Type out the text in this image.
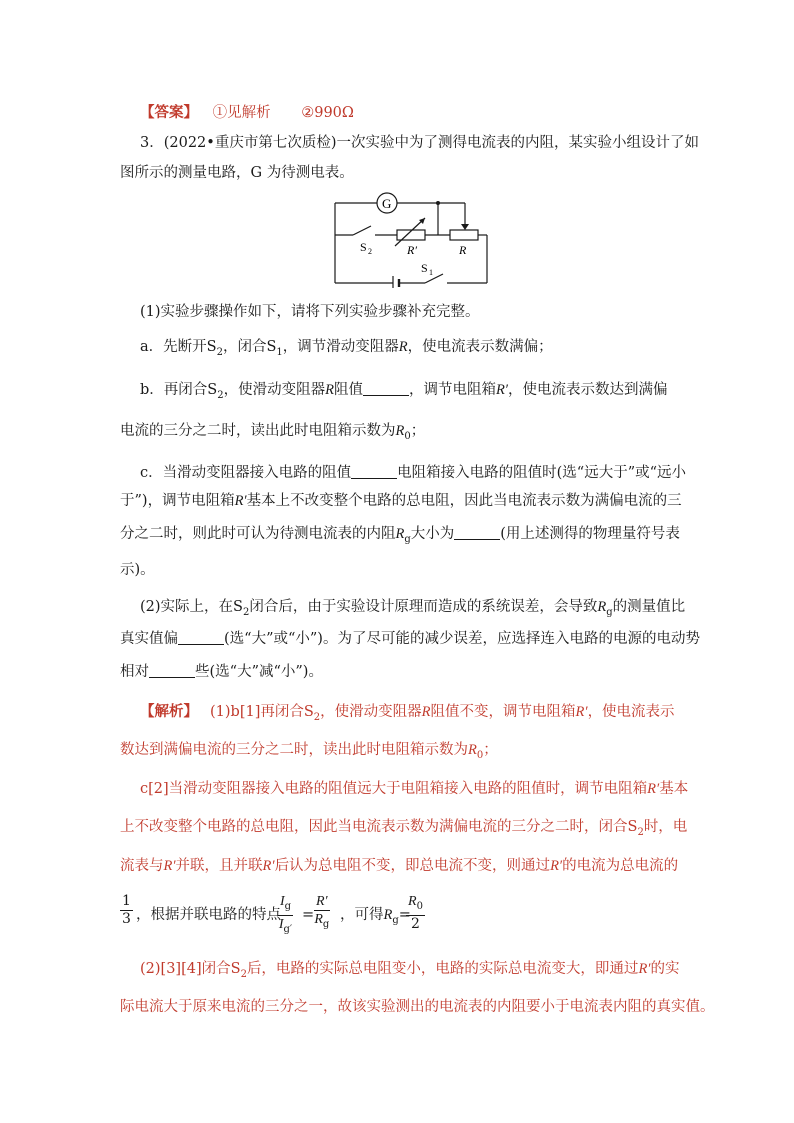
【答案】 ①见解析 ②990Ω
3．(2022•重庆市第七次质检)一次实验中为了测得电流表的内阻，某实验小组设计了如
图所示的测量电路，G 为待测电表。
G
S 2	R′	R
S 1
(1)实验步骤操作如下，请将下列实验步骤补充完整。
a．先断开$S_2$，闭合$S_1$，调节滑动变阻器R，使电流表示数满偏；
b．再闭合$S_2$，使滑动变阻器R阻值	，调节电阻箱R′，使电流表示数达到满偏
电流的三分之二时，读出此时电阻箱示数为$R_0$；
c．当滑动变阻器接入电路的阻值	电阻箱接入电路的阻值时(选“远大于”或“远小
于”)，调节电阻箱R′基本上不改变整个电路的总电阻，因此当电流表示数为满偏电流的三
分之二时，则此时可认为待测电流表的内阻$R_g$大小为	(用上述测得的物理量符号表
示)。
(2)实际上，在$S_2$闭合后，由于实验设计原理而造成的系统误差，会导致$R_g$的测量值比
真实值偏	(选“大”或“小”)。为了尽可能的减少误差，应选择连入电路的电源的电动势
相对	些(选“大”减“小”)。
【解析】 (1)b[1]再闭合$S_2$，使滑动变阻器R阻值不变，调节电阻箱R′，使电流表示
数达到满偏电流的三分之二时，读出此时电阻箱示数为$R_0$；
c[2]当滑动变阻器接入电路的阻值远大于电阻箱接入电路的阻值时，调节电阻箱R′基本
上不改变整个电路的总电阻，因此当电流表示数为满偏电流的三分之二时，闭合$S_2$时，电
流表与R′并联，且并联R′后认为总电阻不变，即总电流不变，则通过R′的电流为总电流的
$\frac{1}{3}$ ，根据并联电路的特点
$\frac{I_g}{I_{g'}} = \frac{R'}{R_g}$ ，可得$R_g=$
$\frac{R_0}{2}$
(2)[3][4]闭合$S_2$后，电路的实际总电阻变小，电路的实际总电流变大，即通过R′的实
际电流大于原来电流的三分之一，故该实验测出的电流表的内阻要小于电流表内阻的真实值。
